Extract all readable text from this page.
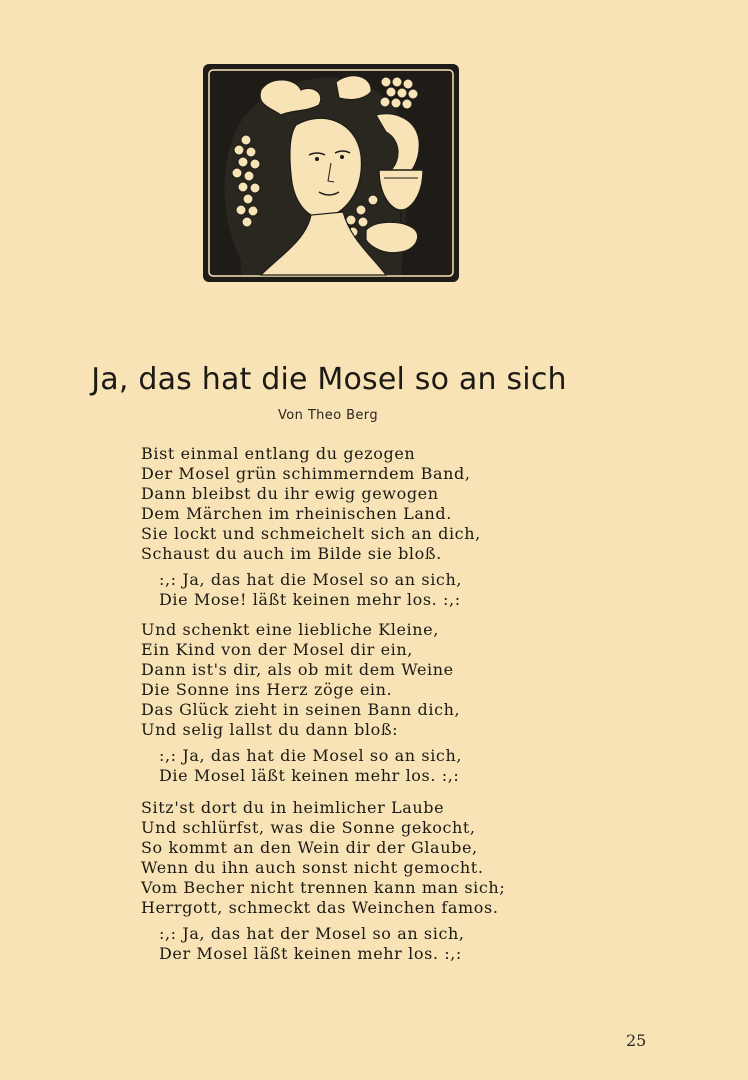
Ja, das hat die Mosel so an sich
Von Theo Berg
Bist einmal entlang du gezogen
Der Mosel grün schimmerndem Band,
Dann bleibst du ihr ewig gewogen
Dem Märchen im rheinischen Land.
Sie lockt und schmeichelt sich an dich,
Schaust du auch im Bilde sie bloß.
:,: Ja, das hat die Mosel so an sich,
Die Mose! läßt keinen mehr los. :,:
Und schenkt eine liebliche Kleine,
Ein Kind von der Mosel dir ein,
Dann ist's dir, als ob mit dem Weine
Die Sonne ins Herz zöge ein.
Das Glück zieht in seinen Bann dich,
Und selig lallst du dann bloß:
:,: Ja, das hat die Mosel so an sich,
Die Mosel läßt keinen mehr los. :,:
Sitz'st dort du in heimlicher Laube
Und schlürfst, was die Sonne gekocht,
So kommt an den Wein dir der Glaube,
Wenn du ihn auch sonst nicht gemocht.
Vom Becher nicht trennen kann man sich;
Herrgott, schmeckt das Weinchen famos.
:,: Ja, das hat der Mosel so an sich,
Der Mosel läßt keinen mehr los. :,:
25
